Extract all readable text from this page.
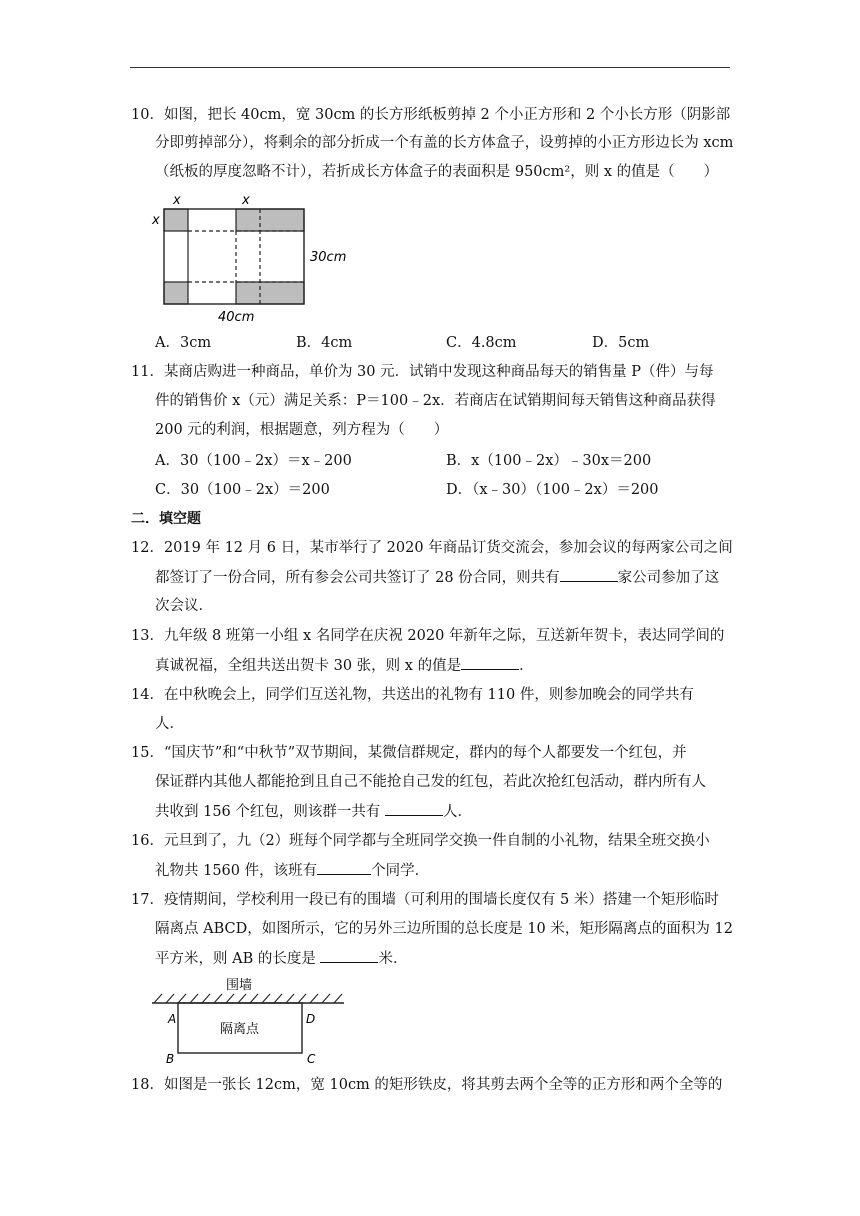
10．如图，把长 40cm，宽 30cm 的长方形纸板剪掉 2 个小正方形和 2 个小长方形（阴影部
分即剪掉部分），将剩余的部分折成一个有盖的长方体盒子，设剪掉的小正方形边长为 xcm
（纸板的厚度忽略不计），若折成长方体盒子的表面积是 950cm²，则 x 的值是（　　）
x	x
x
30cm
40cm
A．3cm	B．4cm	C．4.8cm	D．5cm
11．某商店购进一种商品，单价为 30 元．试销中发现这种商品每天的销售量 P（件）与每
件的销售价 x（元）满足关系：P＝100﹣2x．若商店在试销期间每天销售这种商品获得
200 元的利润，根据题意，列方程为（　　）
A．30（100﹣2x）＝x﹣200	B．x（100﹣2x）﹣30x＝200
C．30（100﹣2x）＝200	D．（x﹣30）（100﹣2x）＝200
二．填空题
12．2019 年 12 月 6 日，某市举行了 2020 年商品订货交流会，参加会议的每两家公司之间
都签订了一份合同，所有参会公司共签订了 28 份合同，则共有	家公司参加了这
次会议．
13．九年级 8 班第一小组 x 名同学在庆祝 2020 年新年之际，互送新年贺卡，表达同学间的
真诚祝福，全组共送出贺卡 30 张，则 x 的值是	．
14．在中秋晚会上，同学们互送礼物，共送出的礼物有 110 件，则参加晚会的同学共有
人．
15．“国庆节”和“中秋节”双节期间，某微信群规定，群内的每个人都要发一个红包，并
保证群内其他人都能抢到且自己不能抢自己发的红包，若此次抢红包活动，群内所有人
共收到 156 个红包，则该群一共有	人．
16．元旦到了，九（2）班每个同学都与全班同学交换一件自制的小礼物，结果全班交换小
礼物共 1560 件，该班有	个同学．
17．疫情期间，学校利用一段已有的围墙（可利用的围墙长度仅有 5 米）搭建一个矩形临时
隔离点 ABCD，如图所示，它的另外三边所围的总长度是 10 米，矩形隔离点的面积为 12
平方米，则 AB 的长度是	米．
围墙
隔离点
A	D
B	C
18．如图是一张长 12cm，宽 10cm 的矩形铁皮，将其剪去两个全等的正方形和两个全等的
